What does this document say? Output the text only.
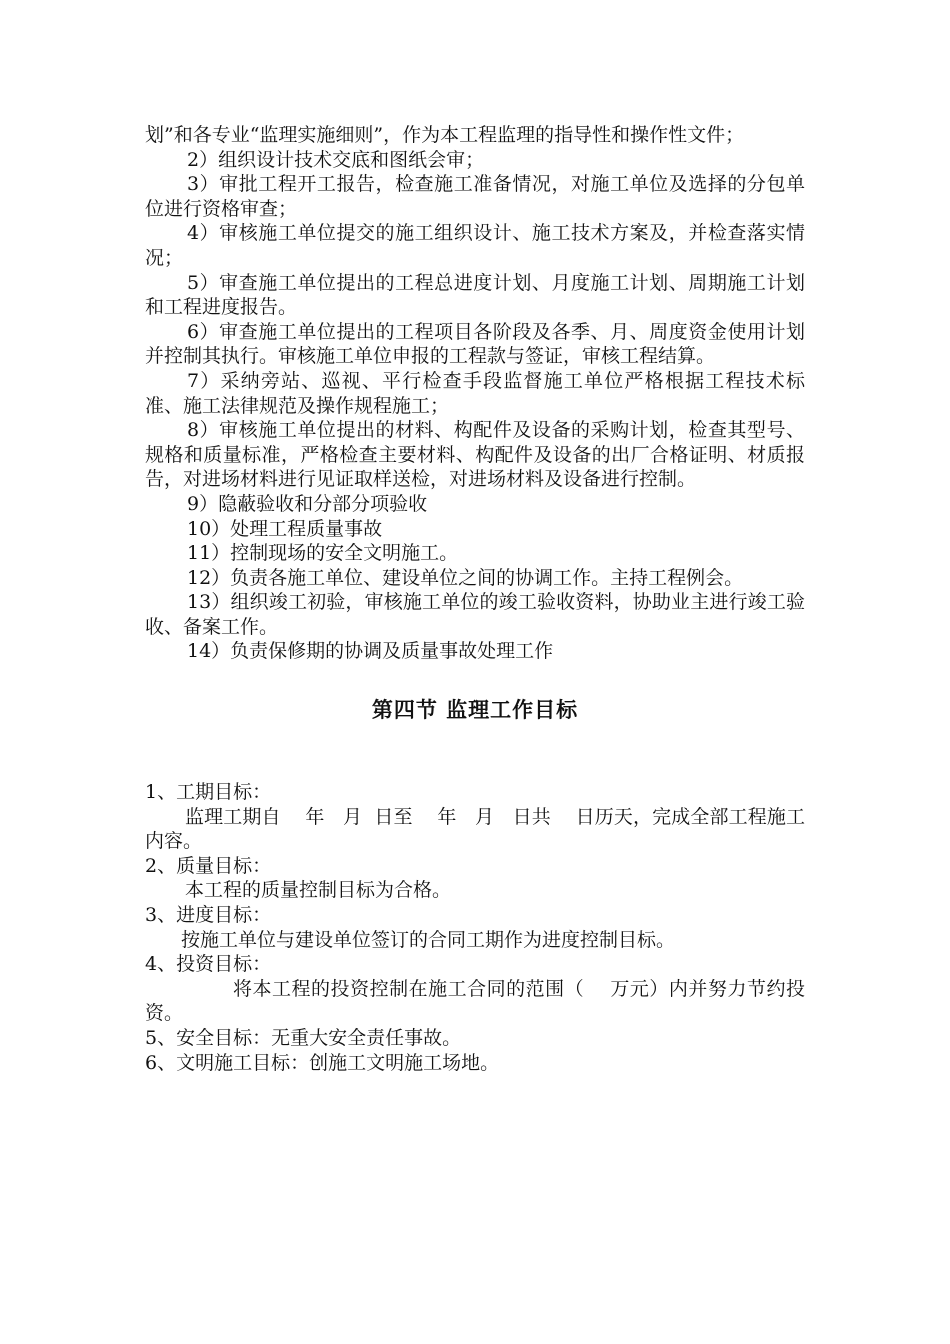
划”和各专业“监理实施细则”，作为本工程监理的指导性和操作性文件；

2）组织设计技术交底和图纸会审；

3）审批工程开工报告，检查施工准备情况，对施工单位及选择的分包单位进行资格审查；

4）审核施工单位提交的施工组织设计、施工技术方案及，并检查落实情况；

5）审查施工单位提出的工程总进度计划、月度施工计划、周期施工计划和工程进度报告。

6）审查施工单位提出的工程项目各阶段及各季、月、周度资金使用计划并控制其执行。审核施工单位申报的工程款与签证，审核工程结算。

7）采纳旁站、巡视、平行检查手段监督施工单位严格根据工程技术标准、施工法律规范及操作规程施工；

8）审核施工单位提出的材料、构配件及设备的采购计划，检查其型号、规格和质量标准，严格检查主要材料、构配件及设备的出厂合格证明、材质报告，对进场材料进行见证取样送检，对进场材料及设备进行控制。

9）隐蔽验收和分部分项验收

10）处理工程质量事故

11）控制现场的安全文明施工。

12）负责各施工单位、建设单位之间的协调工作。主持工程例会。

13）组织竣工初验，审核施工单位的竣工验收资料，协助业主进行竣工验收、备案工作。

14）负责保修期的协调及质量事故处理工作

第四节 监理工作目标

1、工期目标：

监理工期自    年   月  日至    年   月   日共    日历天，完成全部工程施工内容。

2、质量目标：

本工程的质量控制目标为合格。

3、进度目标：

按施工单位与建设单位签订的合同工期作为进度控制目标。

4、投资目标：

将本工程的投资控制在施工合同的范围（    万元）内并努力节约投资。

5、安全目标：无重大安全责任事故。

6、文明施工目标：创施工文明施工场地。
